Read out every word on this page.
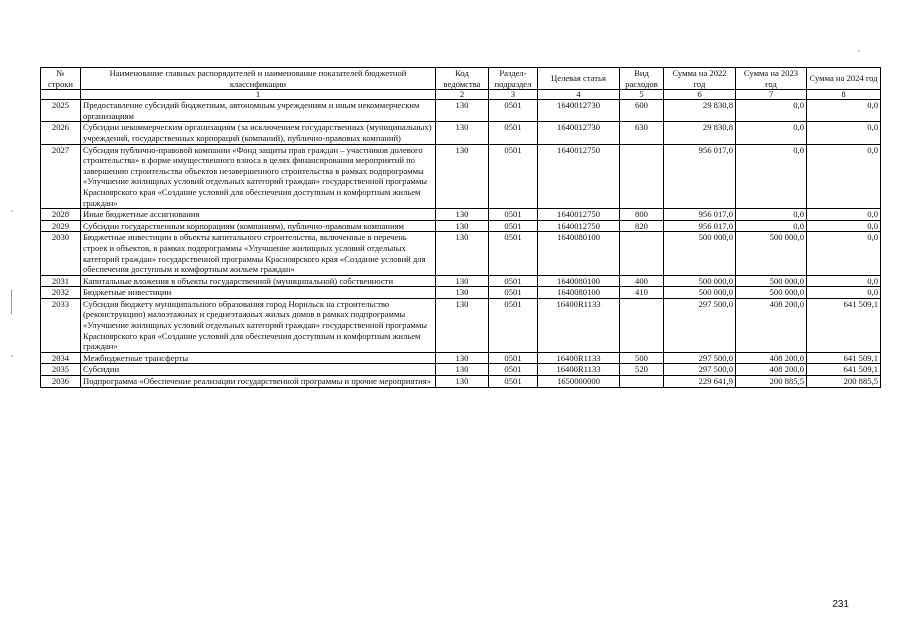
№ строки	Наименование главных распорядителей и наименование показателей бюджетной классификации	Код ведомства	Раздел-подраздел	Целевая статья	Вид расходов	Сумма на 2022 год	Сумма на 2023 год	Сумма на 2024 год
	1	2	3	4	5	6	7	8
2025	Предоставление субсидий бюджетным, автономным учреждениям и иным некоммерческим организациям	130	0501	1640012730	600	29 830,8	0,0	0,0
2026	Субсидии некоммерческим организациям (за исключением государственных (муниципальных) учреждений, государственных корпораций (компаний), публично-правовых компаний)	130	0501	1640012730	630	29 830,8	0,0	0,0
2027	Субсидия публично-правовой компании «Фонд защиты прав граждан – участников долевого строительства» в форме имущественного взноса в целях финансирования мероприятий по завершению строительства объектов незавершенного строительства в рамках подпрограммы «Улучшение жилищных условий отдельных категорий граждан» государственной программы Красноярского края «Создание условий для обеспечения доступным и комфортным жильем граждан»	130	0501	1640012750		956 017,0	0,0	0,0
2028	Иные бюджетные ассигнования	130	0501	1640012750	800	956 017,0	0,0	0,0
2029	Субсидии государственным корпорациям (компаниям), публично-правовым компаниям	130	0501	1640012750	820	956 017,0	0,0	0,0
2030	Бюджетные инвестиции в объекты капитального строительства, включенные в перечень строек и объектов, в рамках подпрограммы «Улучшение жилищных условий отдельных категорий граждан» государственной программы Красноярского края «Создание условий для обеспечения доступным и комфортным жильем граждан»	130	0501	1640080100		500 000,0	500 000,0	0,0
2031	Капитальные вложения в объекты государственной (муниципальной) собственности	130	0501	1640080100	400	500 000,0	500 000,0	0,0
2032	Бюджетные инвестиции	130	0501	1640080100	410	500 000,0	500 000,0	0,0
2033	Субсидия бюджету муниципального образования город Норильск на строительство (реконструкцию) малоэтажных и среднеэтажных жилых домов в рамках подпрограммы «Улучшение жилищных условий отдельных категорий граждан» государственной программы Красноярского края «Создание условий для обеспечения доступным и комфортным жильем граждан»	130	0501	16400R1133		297 500,0	408 200,0	641 509,1
2034	Межбюджетные трансферты	130	0501	16400R1133	500	297 500,0	408 200,0	641 509,1
2035	Субсидии	130	0501	16400R1133	520	297 500,0	408 200,0	641 509,1
2036	Подпрограмма «Обеспечение реализации государственной программы и прочие мероприятия»	130	0501	1650000000		229 641,9	200 885,5	200 885,5
231
